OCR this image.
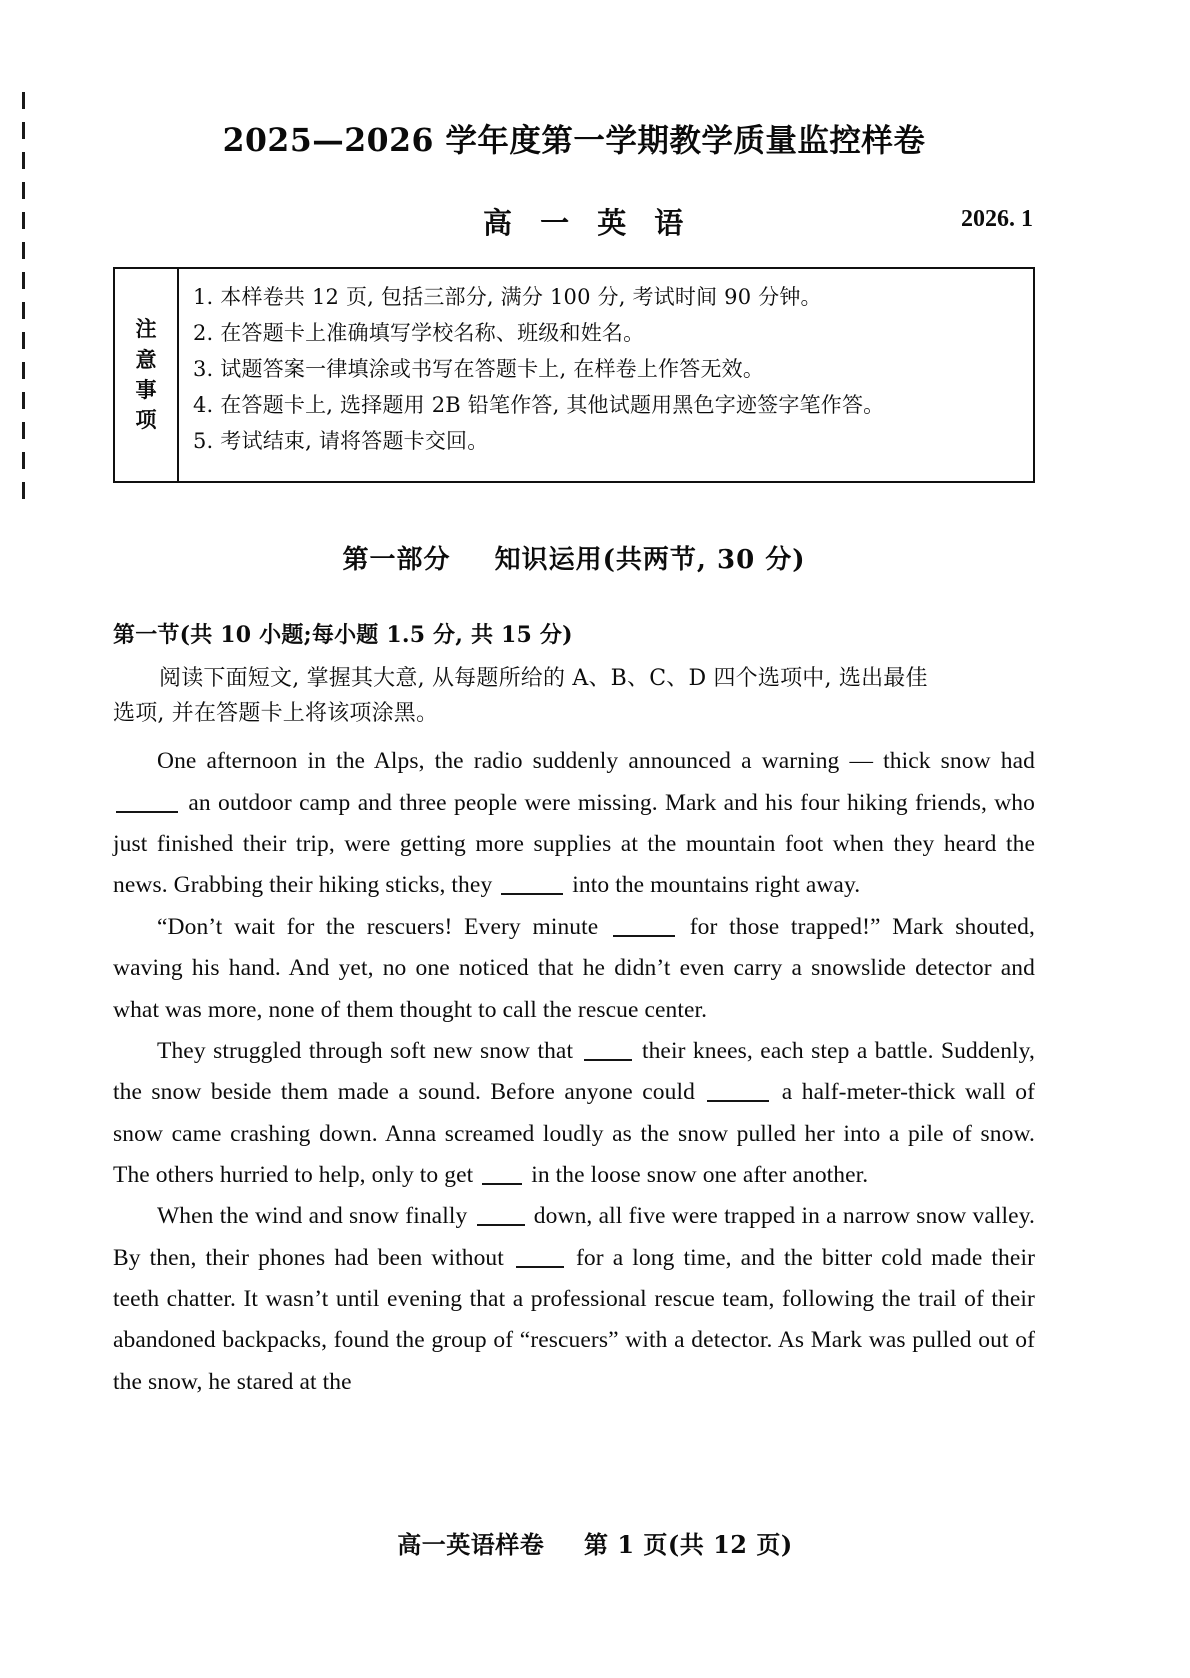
2025—2026 学年度第一学期教学质量监控样卷
高 一 英 语	2026. 1
注
意
事
项
1. 本样卷共 12 页, 包括三部分, 满分 100 分, 考试时间 90 分钟。
2. 在答题卡上准确填写学校名称、班级和姓名。
3. 试题答案一律填涂或书写在答题卡上, 在样卷上作答无效。
4. 在答题卡上, 选择题用 2B 铅笔作答, 其他试题用黑色字迹签字笔作答。
5. 考试结束, 请将答题卡交回。
第一部分 知识运用(共两节, 30 分)
第一节(共 10 小题;每小题 1.5 分, 共 15 分)
阅读下面短文, 掌握其大意, 从每题所给的 A、B、C、D 四个选项中, 选出最佳
选项, 并在答题卡上将该项涂黑。

One afternoon in the Alps, the radio suddenly announced a warning — thick snow had  an outdoor camp and three people were missing. Mark and his four hiking friends, who just finished their trip, were getting more supplies at the mountain foot when they heard the news. Grabbing their hiking sticks, they	into the mountains right away.

“Don’t wait for the rescuers! Every minute	for those trapped!” Mark shouted, waving his hand. And yet, no one noticed that he didn’t even carry a snowslide detector and what was more, none of them thought to call the rescue center.

They struggled through soft new snow that	their knees, each step a battle. Suddenly, the snow beside them made a sound. Before anyone could	a half-meter-thick wall of snow came crashing down. Anna screamed loudly as the snow pulled her into a pile of snow. The others hurried to help, only to get in the loose snow one after another.

When the wind and snow finally	down, all five were trapped in a narrow snow valley. By then, their phones had been without	for a long time, and the bitter cold made their teeth chatter. It wasn’t until evening that a professional rescue team, following the trail of their abandoned backpacks, found the group of “rescuers” with a detector. As Mark was pulled out of the snow, he stared at the

高一英语样卷 第 1 页(共 12 页)
